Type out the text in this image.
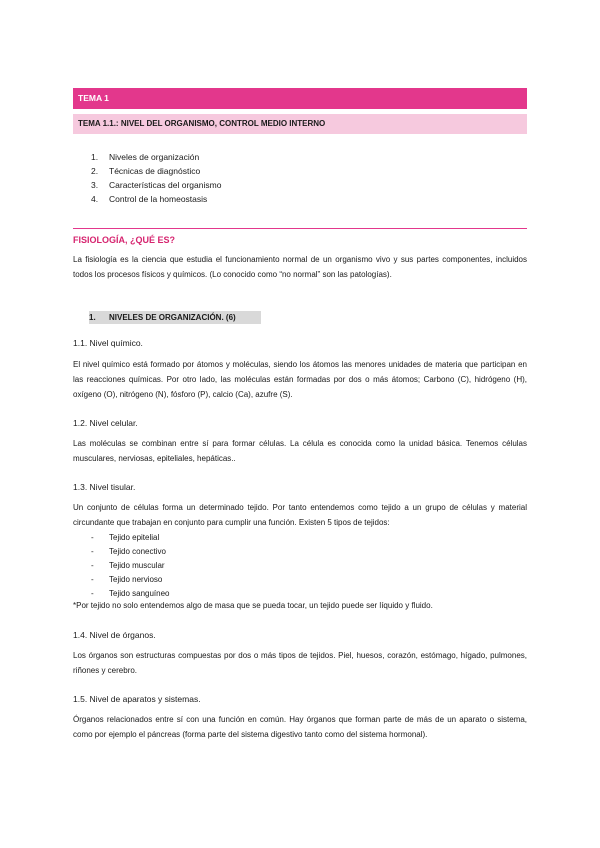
TEMA 1
TEMA 1.1.: NIVEL DEL ORGANISMO, CONTROL MEDIO INTERNO
1. Niveles de organización
2. Técnicas de diagnóstico
3. Características del organismo
4. Control de la homeostasis
FISIOLOGÍA, ¿QUÉ ES?

La fisiología es la ciencia que estudia el funcionamiento normal de un organismo vivo y sus partes componentes, incluidos todos los procesos físicos y químicos. (Lo conocido como “no normal” son las patologías).

1. NIVELES DE ORGANIZACIÓN. (6)
1.1. Nivel químico.

El nivel químico está formado por átomos y moléculas, siendo los átomos las menores unidades de materia que participan en las reacciones químicas. Por otro lado, las moléculas están formadas por dos o más átomos; Carbono (C), hidrógeno (H), oxígeno (O), nitrógeno (N), fósforo (P), calcio (Ca), azufre (S).

1.2. Nivel celular.

Las moléculas se combinan entre sí para formar células. La célula es conocida como la unidad básica. Tenemos células musculares, nerviosas, epiteliales, hepáticas..

1.3. Nivel tisular.

Un conjunto de células forma un determinado tejido. Por tanto entendemos como tejido a un grupo de células y material circundante que trabajan en conjunto para cumplir una función. Existen 5 tipos de tejidos:

- Tejido epitelial
- Tejido conectivo
- Tejido muscular
- Tejido nervioso
- Tejido sanguíneo
*Por tejido no solo entendemos algo de masa que se pueda tocar, un tejido puede ser líquido y fluido.
1.4. Nivel de órganos.

Los órganos son estructuras compuestas por dos o más tipos de tejidos. Piel, huesos, corazón, estómago, hígado, pulmones, riñones y cerebro.

1.5. Nivel de aparatos y sistemas.

Órganos relacionados entre sí con una función en común. Hay órganos que forman parte de más de un aparato o sistema, como por ejemplo el páncreas (forma parte del sistema digestivo tanto como del sistema hormonal).
